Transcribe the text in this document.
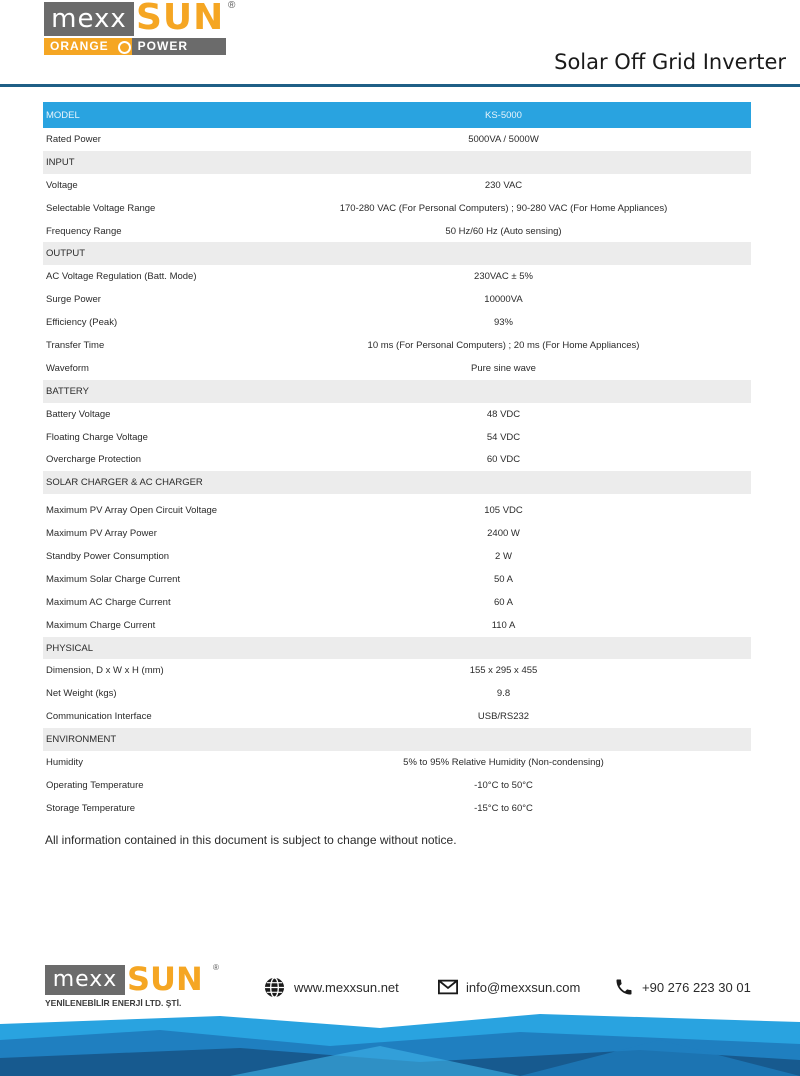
mexx SUN ®
ORANGE	POWER
Solar Off Grid Inverter
MODEL	KS-5000
Rated Power	5000VA / 5000W
INPUT
Voltage	230 VAC
Selectable Voltage Range	170-280 VAC (For Personal Computers) ; 90-280 VAC (For Home Appliances)
Frequency Range	50 Hz/60 Hz (Auto sensing)
OUTPUT
AC Voltage Regulation (Batt. Mode)	230VAC ± 5%
Surge Power	10000VA
Efficiency (Peak)	93%
Transfer Time	10 ms (For Personal Computers) ; 20 ms (For Home Appliances)
Waveform	Pure sine wave
BATTERY
Battery Voltage	48 VDC
Floating Charge Voltage	54 VDC
Overcharge Protection	60 VDC
SOLAR CHARGER & AC CHARGER
Maximum PV Array Open Circuit Voltage	105 VDC
Maximum PV Array Power	2400 W
Standby Power Consumption	2 W
Maximum Solar Charge Current	50 A
Maximum AC Charge Current	60 A
Maximum Charge Current	110 A
PHYSICAL
Dimension, D x W x H (mm)	155 x 295 x 455
Net Weight (kgs)	9.8
Communication Interface	USB/RS232
ENVIRONMENT
Humidity	5% to 95% Relative Humidity (Non-condensing)
Operating Temperature	-10°C to 50°C
Storage Temperature	-15°C to 60°C
All information contained in this document is subject to change without notice.
mexx SUN ®
YENİLENEBİLİR ENERJİ LTD. ŞTİ.
www.mexxsun.net	info@mexxsun.com	+90 276 223 30 01
